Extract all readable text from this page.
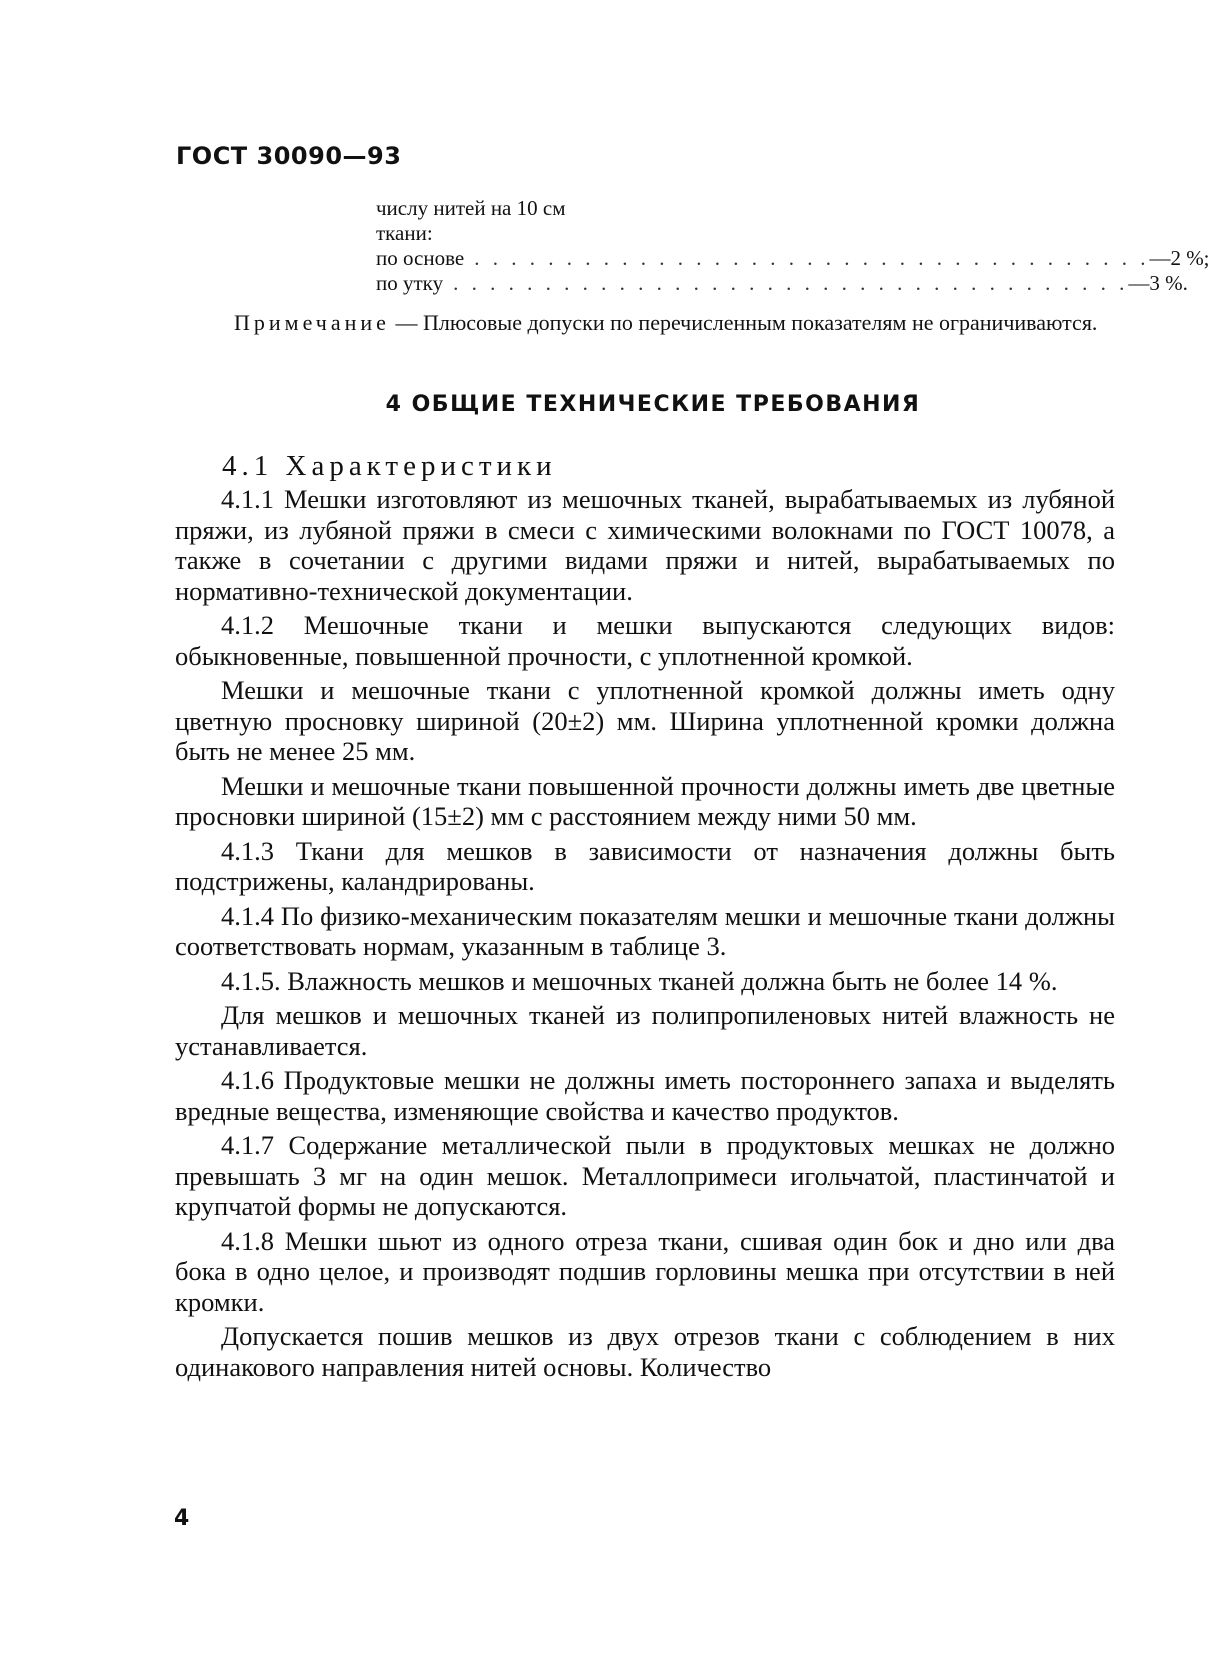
ГОСТ 30090—93
числу нитей на 10 см
ткани:
по основе . . . . . . . . . . . . . . . . . . . . . . . . . . . . . . . . . . . . . —2 %;
по утку . . . . . . . . . . . . . . . . . . . . . . . . . . . . . . . . . . . . . —3 %.
Примечание — Плюсовые допуски по перечисленным показателям не ограничиваются.
4 ОБЩИЕ ТЕХНИЧЕСКИЕ ТРЕБОВАНИЯ
4.1 Характеристики

4.1.1 Мешки изготовляют из мешочных тканей, вырабатываемых из лубяной пряжи, из лубяной пряжи в смеси с химическими волокнами по ГОСТ 10078, а также в сочетании с другими видами пряжи и нитей, вырабатываемых по нормативно-технической документации.

4.1.2 Мешочные ткани и мешки выпускаются следующих видов: обыкновенные, повышенной прочности, с уплотненной кромкой.

Мешки и мешочные ткани с уплотненной кромкой должны иметь одну цветную просновку шириной (20±2) мм. Ширина уплотненной кромки должна быть не менее 25 мм.

Мешки и мешочные ткани повышенной прочности должны иметь две цветные просновки шириной (15±2) мм с расстоянием между ними 50 мм.

4.1.3 Ткани для мешков в зависимости от назначения должны быть подстрижены, каландрированы.

4.1.4 По физико-механическим показателям мешки и мешочные ткани должны соответствовать нормам, указанным в таблице 3.

4.1.5. Влажность мешков и мешочных тканей должна быть не более 14 %.

Для мешков и мешочных тканей из полипропиленовых нитей влажность не устанавливается.

4.1.6 Продуктовые мешки не должны иметь постороннего запаха и выделять вредные вещества, изменяющие свойства и качество продуктов.

4.1.7 Содержание металлической пыли в продуктовых мешках не должно превышать 3 мг на один мешок. Металлопримеси игольчатой, пластинчатой и крупчатой формы не допускаются.

4.1.8 Мешки шьют из одного отреза ткани, сшивая один бок и дно или два бока в одно целое, и производят подшив горловины мешка при отсутствии в ней кромки.

Допускается пошив мешков из двух отрезов ткани с соблюдением в них одинакового направления нитей основы. Количество

4
